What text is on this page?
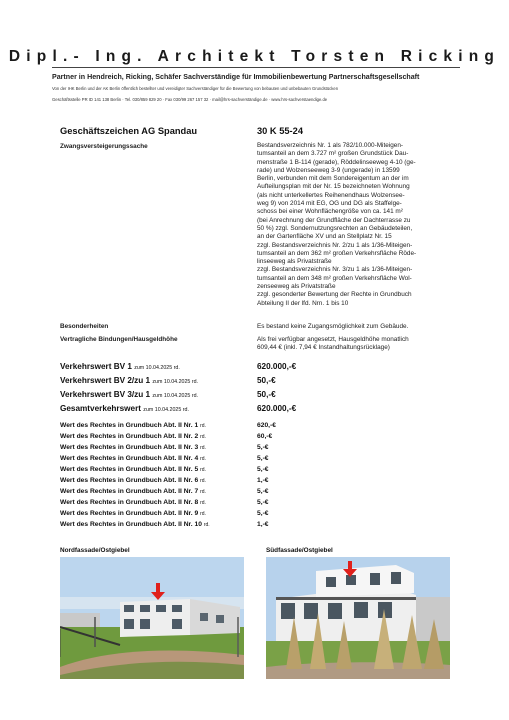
Dipl.- Ing. Architekt Torsten Ricking
Partner in Hendreich, Ricking, Schäfer Sachverständige für Immobilienbewertung Partnerschaftsgesellschaft
Von der IHK Berlin und der AK Berlin öffentlich bestellter und vereidigter Sachverständiger für die Bewertung von bebauten und unbebauten Grundstücken
Geschäftsstelle PR ID 141 138 Berlin · Tel. 030/859 829 20 · Fax 030/99 267 157 32 · mail@hrs-sachverständige.de · www.hrs-sachverstaendige.de
Geschäftszeichen AG Spandau	30 K 55-24
Zwangsversteigerungssache	Bestandsverzeichnis Nr. 1 als 782/10.000-Miteigen-
tumsanteil an dem 3.727 m² großen Grundstück Dau-
menstraße 1 B-114 (gerade), Röddelinseeweg 4-10 (ge-
rade) und Wolzenseeweg 3-9 (ungerade) in 13599
Berlin, verbunden mit dem Sondereigentum an der im
Aufteilungsplan mit der Nr. 15 bezeichneten Wohnung
(als nicht unterkellertes Reihenendhaus Wolzensee-
weg 9) von 2014 mit EG, OG und DG als Staffelge-
schoss bei einer Wohnflächengröße von ca. 141 m²
(bei Anrechnung der Grundfläche der Dachterrasse zu
50 %) zzgl. Sondernutzungsrechten an Gebäudeteilen,
an der Gartenfläche XV und an Stellplatz Nr. 15
zzgl. Bestandsverzeichnis Nr. 2/zu 1 als 1/36-Miteigen-
tumsanteil an dem 362 m² großen Verkehrsfläche Röde-
linseeweg als Privatstraße
zzgl. Bestandsverzeichnis Nr. 3/zu 1 als 1/36-Miteigen-
tumsanteil an dem 348 m² großen Verkehrsfläche Wol-
zenseeweg als Privatstraße
zzgl. gesonderter Bewertung der Rechte in Grundbuch
Abteilung II der lfd. Nrn. 1 bis 10
Besonderheiten	Es bestand keine Zugangsmöglichkeit zum Gebäude.
Vertragliche Bindungen/Hausgeldhöhe	Als frei verfügbar angesetzt, Hausgeldhöhe monatlich
609,44 € (inkl. 7,94 € Instandhaltungsrücklage)
Verkehrswert BV 1 zum 10.04.2025 rd.	620.000,-€
Verkehrswert BV 2/zu 1 zum 10.04.2025 rd.	50,-€
Verkehrswert BV 3/zu 1 zum 10.04.2025 rd.	50,-€
Gesamtverkehrswert zum 10.04.2025 rd.	620.000,-€
Wert des Rechtes in Grundbuch Abt. II Nr. 1 rd.	620,-€
Wert des Rechtes in Grundbuch Abt. II Nr. 2 rd.	60,-€
Wert des Rechtes in Grundbuch Abt. II Nr. 3 rd.	5,-€
Wert des Rechtes in Grundbuch Abt. II Nr. 4 rd.	5,-€
Wert des Rechtes in Grundbuch Abt. II Nr. 5 rd.	5,-€
Wert des Rechtes in Grundbuch Abt. II Nr. 6 rd.	1,-€
Wert des Rechtes in Grundbuch Abt. II Nr. 7 rd.	5,-€
Wert des Rechtes in Grundbuch Abt. II Nr. 8 rd.	5,-€
Wert des Rechtes in Grundbuch Abt. II Nr. 9 rd.	5,-€
Wert des Rechtes in Grundbuch Abt. II Nr. 10 rd.	1,-€
Nordfassade/Ostgiebel	Südfassade/Ostgiebel
